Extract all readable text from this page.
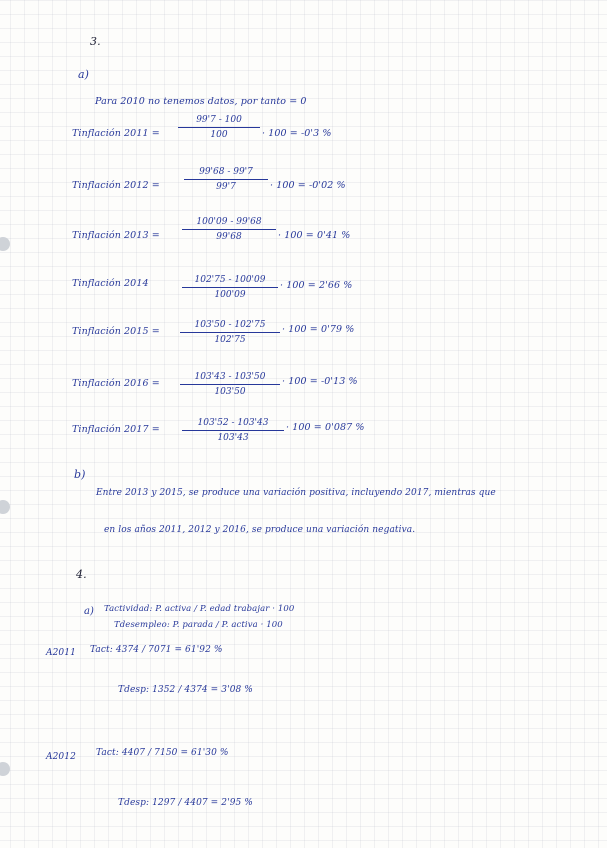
3.
a)
Para 2010 no tenemos datos, por tanto = 0
Tinflación 2011 =
99'7 - 100
100	· 100 = -0'3 %
Tinflación 2012 =
99'68 - 99'7
99'7	· 100 = -0'02 %
Tinflación 2013 =
100'09 - 99'68
99'68	· 100 = 0'41 %
Tinflación 2014	102'75 - 100'09
100'09
· 100 = 2'66 %
Tinflación 2015 =
103'50 - 102'75
102'75
· 100 = 0'79 %
Tinflación 2016 =
103'43 - 103'50
103'50
· 100 = -0'13 %
Tinflación 2017 =
103'52 - 103'43
103'43
· 100 = 0'087 %
b)
Entre 2013 y 2015, se produce una variación positiva, incluyendo 2017, mientras que
en los años 2011, 2012 y 2016, se produce una variación negativa.
4.
a) Tactividad: P. activa / P. edad trabajar · 100
Tdesempleo: P. parada / P. activa · 100
A2011 Tact: 4374 / 7071 = 61'92 %
Tdesp: 1352 / 4374 = 3'08 %
A2012 Tact: 4407 / 7150 = 61'30 %
Tdesp: 1297 / 4407 = 2'95 %
